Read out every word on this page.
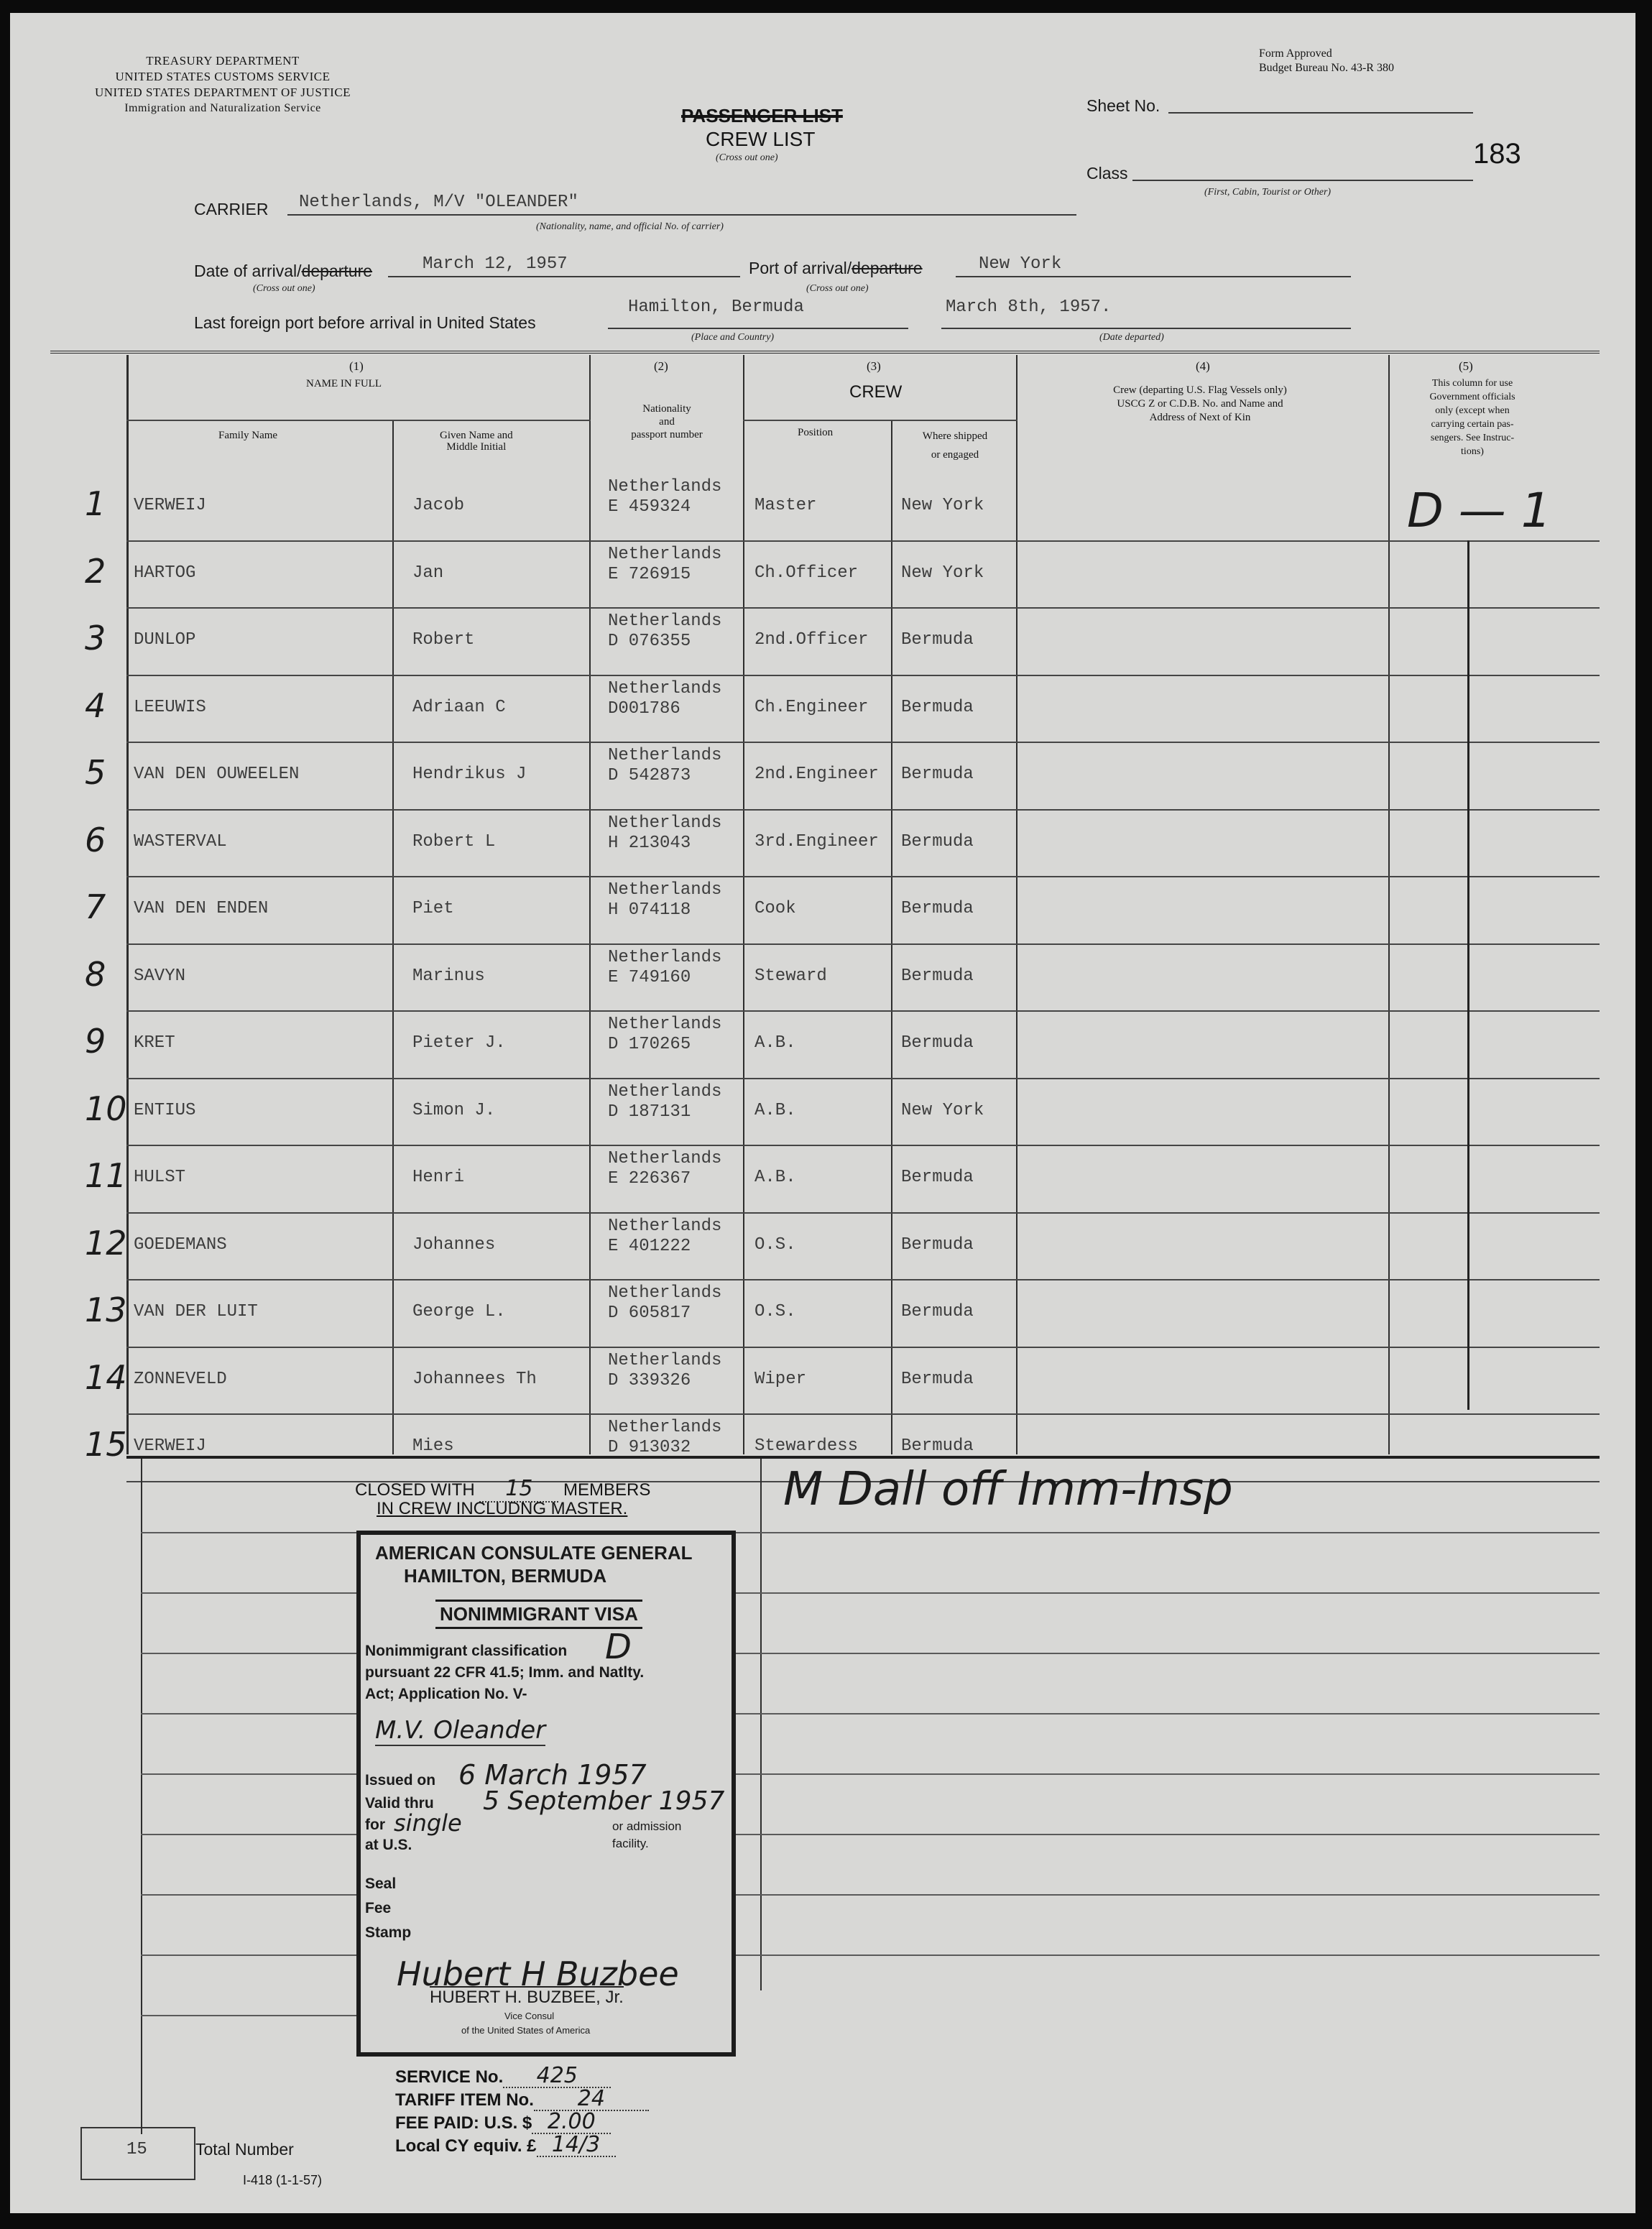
TREASURY DEPARTMENT
UNITED STATES CUSTOMS SERVICE
UNITED STATES DEPARTMENT OF JUSTICE
Immigration and Naturalization Service
Form Approved
Budget Bureau No. 43-R 380
PASSENGER LIST
CREW LIST
(Cross out one)
Sheet No.
183
Class
(First, Cabin, Tourist or Other)
CARRIER Netherlands, M/V "OLEANDER"
(Nationality, name, and official No. of carrier)
Date of arrival/departure	March 12, 1957
(Cross out one)
Port of arrival/departure	New York
(Cross out one)
Last foreign port before arrival in United States
Hamilton, Bermuda
(Place and Country)
March 8th, 1957.
(Date departed)
(1)
NAME IN FULL
Family Name	Given Name and
Middle Initial
(2)
Nationality
and
passport number
(3)
CREW
Position	Where shipped
or engaged
(4)
Crew (departing U.S. Flag Vessels only)
USCG Z or C.D.B. No. and Name and
Address of Next of Kin
(5)
This column for use
Government officials
only (except when
carrying certain pas-
sengers. See Instruc-
tions)
1 VERWEIJ	Jacob
Netherlands
E 459324	Master	New York
2 HARTOG	Jan
Netherlands
E 726915	Ch.Officer New York
3 DUNLOP	Robert
Netherlands
D 076355	2nd.Officer Bermuda
4 LEEUWIS	Adriaan C
Netherlands
D001786	Ch.Engineer Bermuda
5 VAN DEN OUWEELEN	Hendrikus J
Netherlands
D 542873	2nd.Engineer Bermuda
6 WASTERVAL	Robert L
Netherlands
H 213043	3rd.Engineer Bermuda
7 VAN DEN ENDEN	Piet
Netherlands
H 074118	Cook	Bermuda
8 SAVYN	Marinus
Netherlands
E 749160	Steward	Bermuda
9 KRET	Pieter J.
Netherlands
D 170265	A.B.	Bermuda
10 ENTIUS	Simon J.
Netherlands
D 187131	A.B.	New York
11 HULST	Henri
Netherlands
E 226367	A.B.	Bermuda
12 GOEDEMANS	Johannes
Netherlands
E 401222	O.S.	Bermuda
13 VAN DER LUIT	George L.
Netherlands
D 605817	O.S.	Bermuda
14 ZONNEVELD	Johannees Th
Netherlands
D 339326	Wiper	Bermuda
15 VERWEIJ	Mies
Netherlands
D 913032	Stewardess Bermuda
D — 1
CLOSED WITH 15 MEMBERS
IN CREW INCLUDNG MASTER.	M Dall off Imm-Insp
AMERICAN CONSULATE GENERAL
HAMILTON, BERMUDA
NONIMMIGRANT VISA
Nonimmigrant classification D
pursuant 22 CFR 41.5; Imm. and Natlty.
Act; Application No. V-
M.V. Oleander
Issued on 6 March 1957
Valid thru 5 September 1957
for single	or admission
at U.S.	facility.
Seal
Fee
Stamp
Hubert H Buzbee
HUBERT H. BUZBEE, Jr.
Vice Consul
of the United States of America
SERVICE No. 425
TARIFF ITEM No. 24
FEE PAID: U.S. $ 2.00
Local CY equiv. £ 14/3
15	Total Number
I-418 (1-1-57)
